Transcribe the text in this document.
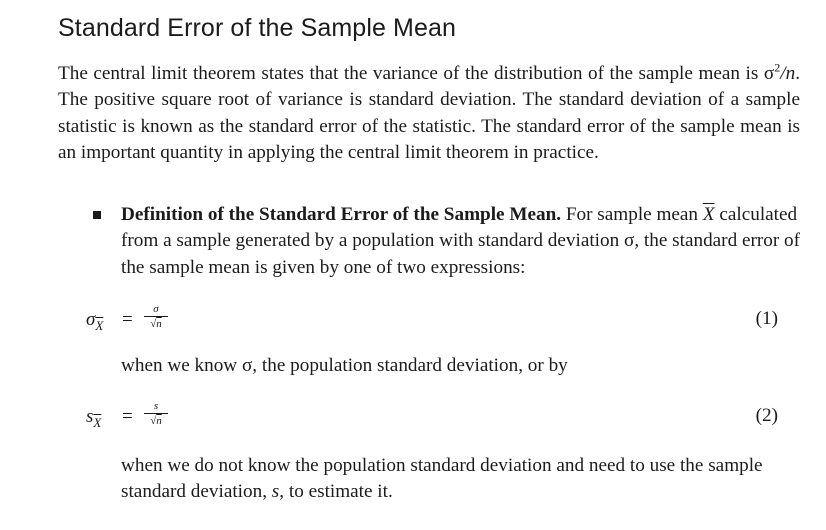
Standard Error of the Sample Mean

The central limit theorem states that the variance of the distribution of the sample mean is $\sigma^2/n$. The positive square root of variance is standard deviation. The standard deviation of a sample statistic is known as the standard error of the statistic. The standard error of the sample mean is an important quantity in applying the central limit theorem in practice.

Definition of the Standard Error of the Sample Mean. For sample mean $\overline{X}$ calculated from a sample generated by a population with standard deviation σ, the standard error of the sample mean is given by one of two expressions:

$\sigma_{\overline{X}}$ =	σ
√n	(1)

when we know σ, the population standard deviation, or by

$s_{\overline{X}}$ =	s
√n	(2)

when we do not know the population standard deviation and need to use the sample standard deviation, s, to estimate it.
